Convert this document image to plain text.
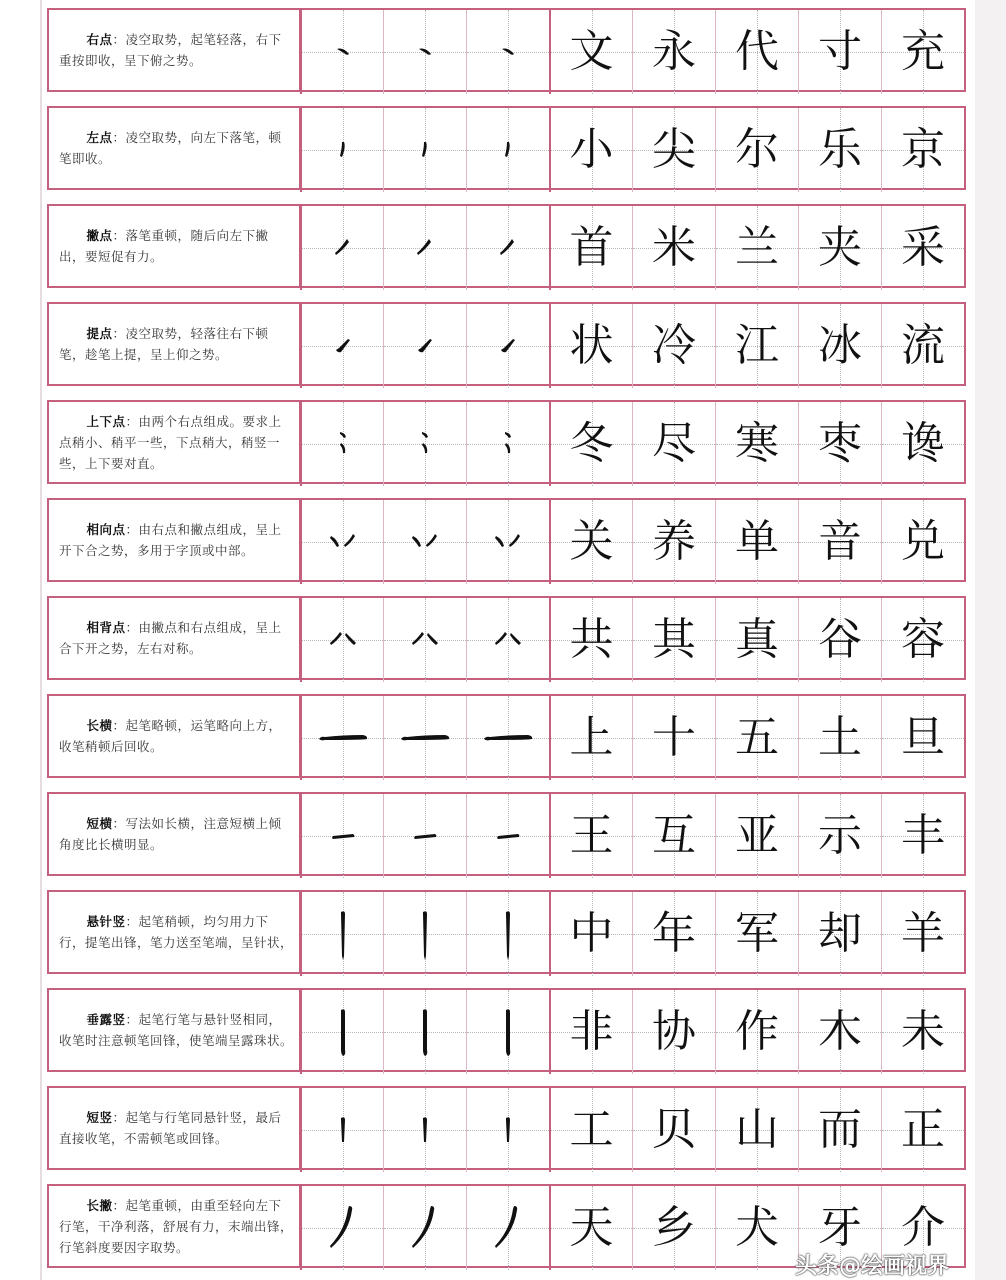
右点：凌空取势，起笔轻落，右下重按即收，呈下俯之势。	文 永 代 寸 充

左点：凌空取势，向左下落笔，顿笔即收。	小 尖 尔 乐 京

撇点：落笔重顿，随后向左下撇出，要短促有力。	首 米 兰 夹 采

提点：凌空取势，轻落往右下顿笔，趁笔上提，呈上仰之势。	状 冷 江 冰 流

上下点：由两个右点组成。要求上点稍小、稍平一些，下点稍大，稍竖一些，上下要对直。	冬 尽 寒 枣 谗

相向点：由右点和撇点组成，呈上开下合之势，多用于字顶或中部。	关 养 单 音 兑

相背点：由撇点和右点组成，呈上合下开之势，左右对称。	共 其 真 谷 容

长横：起笔略顿，运笔略向上方，收笔稍顿后回收。	上 十 五 土 旦

短横：写法如长横，注意短横上倾角度比长横明显。	王 互 亚 示 丰

悬针竖：起笔稍顿，均匀用力下行，提笔出锋，笔力送至笔端，呈针状，	中 年 军 却 羊

垂露竖：起笔行笔与悬针竖相同，收笔时注意顿笔回锋，使笔端呈露珠状。	非 协 作 木 未

短竖：起笔与行笔同悬针竖，最后直接收笔，不需顿笔或回锋。	工 贝 山 而 正

长撇：起笔重顿，由重至轻向左下行笔，干净利落，舒展有力，末端出锋，行笔斜度要因字取势。	天 乡 犬 牙 介
头条@绘画视界
